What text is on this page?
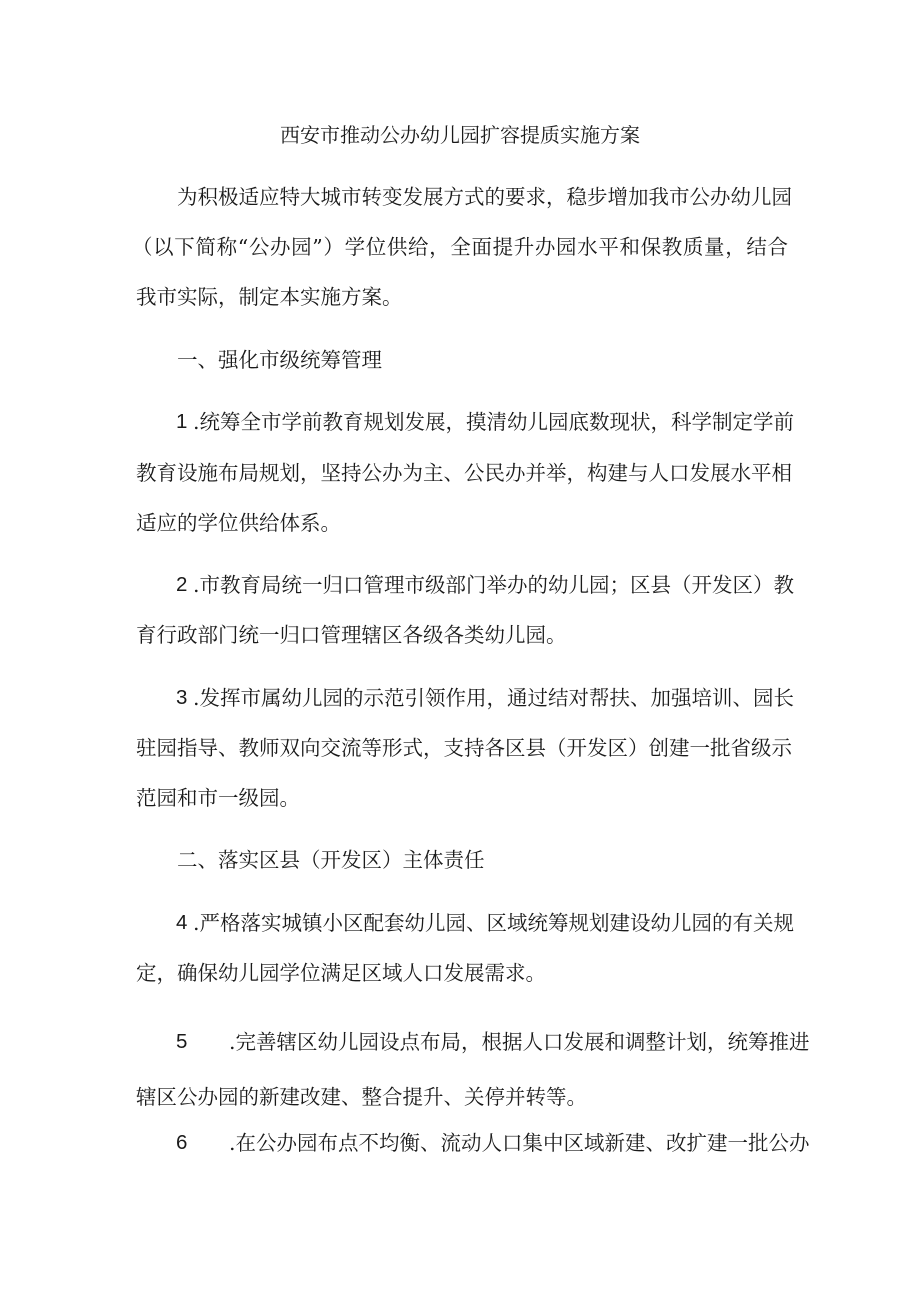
西安市推动公办幼儿园扩容提质实施方案
为积极适应特大城市转变发展方式的要求，稳步增加我市公办幼儿园
（以下简称“公办园”）学位供给，全面提升办园水平和保教质量，结合
我市实际，制定本实施方案。
一、强化市级统筹管理
1 .统筹全市学前教育规划发展，摸清幼儿园底数现状，科学制定学前
教育设施布局规划，坚持公办为主、公民办并举，构建与人口发展水平相
适应的学位供给体系。
2 .市教育局统一归口管理市级部门举办的幼儿园；区县（开发区）教
育行政部门统一归口管理辖区各级各类幼儿园。
3 .发挥市属幼儿园的示范引领作用，通过结对帮扶、加强培训、园长
驻园指导、教师双向交流等形式，支持各区县（开发区）创建一批省级示
范园和市一级园。
二、落实区县（开发区）主体责任
4 .严格落实城镇小区配套幼儿园、区域统筹规划建设幼儿园的有关规
定，确保幼儿园学位满足区域人口发展需求。
5 .完善辖区幼儿园设点布局，根据人口发展和调整计划，统筹推进
辖区公办园的新建改建、整合提升、关停并转等。
6 .在公办园布点不均衡、流动人口集中区域新建、改扩建一批公办
